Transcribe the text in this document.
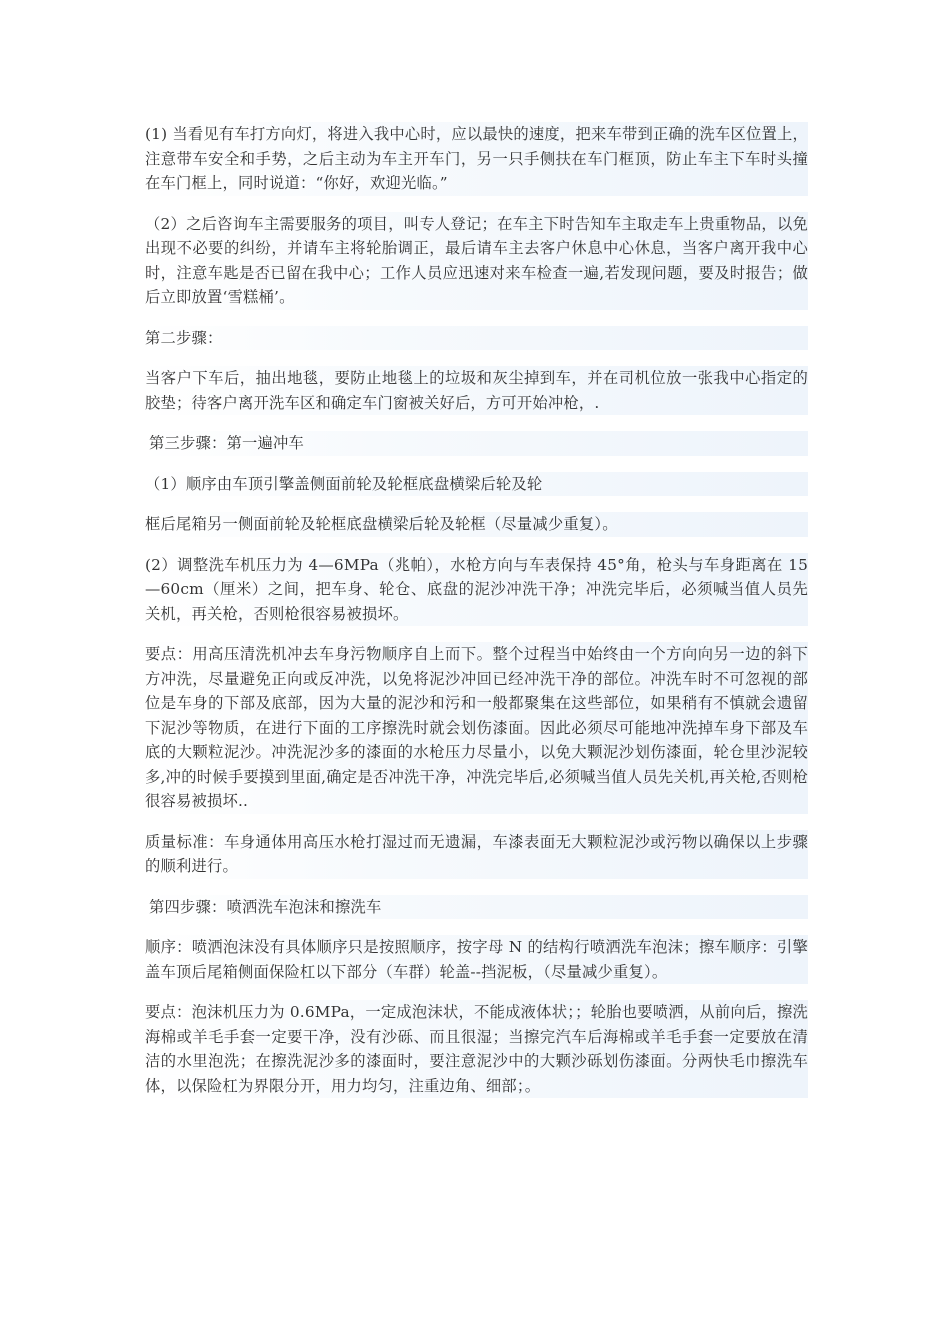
(1) 当看见有车打方向灯，将进入我中心时，应以最快的速度，把来车带到正确的洗车区位置上，注意带车安全和手势，之后主动为车主开车门，另一只手侧扶在车门框顶，防止车主下车时头撞在车门框上，同时说道：“你好，欢迎光临。”

（2）之后咨询车主需要服务的项目，叫专人登记；在车主下时告知车主取走车上贵重物品，以免出现不必要的纠纷，并请车主将轮胎调正，最后请车主去客户休息中心休息，当客户离开我中心时，注意车匙是否已留在我中心；工作人员应迅速对来车检查一遍,若发现问题，要及时报告；做后立即放置‘雪糕桶’。

第二步骤：

当客户下车后，抽出地毯，要防止地毯上的垃圾和灰尘掉到车，并在司机位放一张我中心指定的胶垫；待客户离开洗车区和确定车门窗被关好后，方可开始冲枪，.

第三步骤：第一遍冲车

（1）顺序由车顶引擎盖侧面前轮及轮框底盘横梁后轮及轮

框后尾箱另一侧面前轮及轮框底盘横梁后轮及轮框（尽量减少重复）。

(2）调整洗车机压力为 4—6MPa（兆帕），水枪方向与车表保持 45°角，枪头与车身距离在 15—60cm（厘米）之间，把车身、轮仓、底盘的泥沙冲洗干净；冲洗完毕后，必须喊当值人员先关机，再关枪，否则枪很容易被损坏。

要点：用高压清洗机冲去车身污物顺序自上而下。整个过程当中始终由一个方向向另一边的斜下方冲洗，尽量避免正向或反冲洗，以免将泥沙冲回已经冲洗干净的部位。冲洗车时不可忽视的部位是车身的下部及底部，因为大量的泥沙和污和一般都聚集在这些部位，如果稍有不慎就会遗留下泥沙等物质，在进行下面的工序擦洗时就会划伤漆面。因此必须尽可能地冲洗掉车身下部及车底的大颗粒泥沙。冲洗泥沙多的漆面的水枪压力尽量小，以免大颗泥沙划伤漆面，轮仓里沙泥较多,冲的时候手要摸到里面,确定是否冲洗干净，冲洗完毕后,必须喊当值人员先关机,再关枪,否则枪很容易被损坏..

质量标准：车身通体用高压水枪打湿过而无遗漏，车漆表面无大颗粒泥沙或污物以确保以上步骤的顺利进行。

第四步骤：喷洒洗车泡沫和擦洗车

顺序：喷洒泡沫没有具体顺序只是按照顺序，按字母 N 的结构行喷洒洗车泡沫；擦车顺序：引擎盖车顶后尾箱侧面保险杠以下部分（车群）轮盖--挡泥板，（尽量减少重复）。

要点：泡沫机压力为 0.6MPa，一定成泡沫状，不能成液体状；；轮胎也要喷洒，从前向后，擦洗海棉或羊毛手套一定要干净，没有沙砾、而且很湿；当擦完汽车后海棉或羊毛手套一定要放在清洁的水里泡洗；在擦洗泥沙多的漆面时，要注意泥沙中的大颗沙砾划伤漆面。分两快毛巾擦洗车体，以保险杠为界限分开，用力均匀，注重边角、细部；。
